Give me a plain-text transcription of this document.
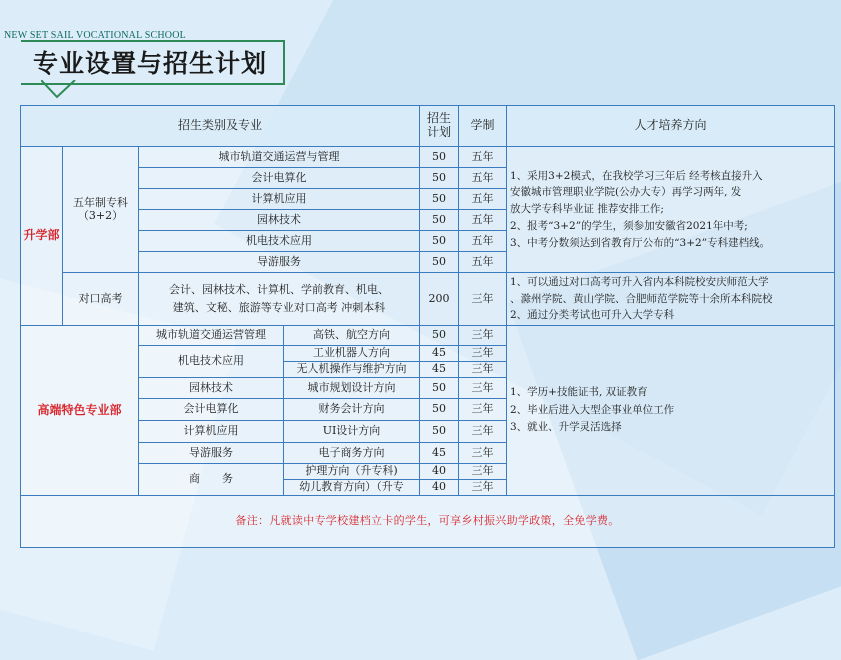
NEW SET SAIL VOCATIONAL SCHOOL
专业设置与招生计划
招生类别及专业				招生
计划	学制	人才培养方向
升学部	五年制专科
（3+2）	城市轨道交通运营与管理		50	五年	1、采用3+2模式，在我校学习三年后 经考核直接升入
安徽城市管理职业学院(公办大专）再学习两年, 发
放大学专科毕业证 推荐安排工作;
2、报考“3+2”的学生，须参加安徽省2021年中考;
3、中考分数须达到省教育厅公布的“3+2”专科建档线。
		会计电算化		50	五年	
		计算机应用		50	五年	
		园林技术		50	五年	
		机电技术应用		50	五年	
		导游服务		50	五年	
	对口高考	会计、园林技术、计算机、学前教育、机电、
建筑、文秘、旅游等专业对口高考 冲刺本科		200	三年	1、可以通过对口高考可升入省内本科院校安庆师范大学
、滁州学院、黄山学院、合肥师范学院等十余所本科院校
2、通过分类考试也可升入大学专科
高端特色专业部		城市轨道交通运营管理	高铁、航空方向	50	三年	1、学历+技能证书, 双证教育
2、毕业后进入大型企事业单位工作
3、就业、升学灵活选择
		机电技术应用	工业机器人方向	45	三年	
			无人机操作与维护方向	45	三年	
		园林技术	城市规划设计方向	50	三年	
		会计电算化	财务会计方向	50	三年	
		计算机应用	UI设计方向	50	三年	
		导游服务	电子商务方向	45	三年	
		商　　务	护理方向（升专科)	40	三年	
			幼儿教育方向）（升专	40	三年	
备注：凡就读中专学校建档立卡的学生，可享乡村振兴助学政策，全免学费。						
